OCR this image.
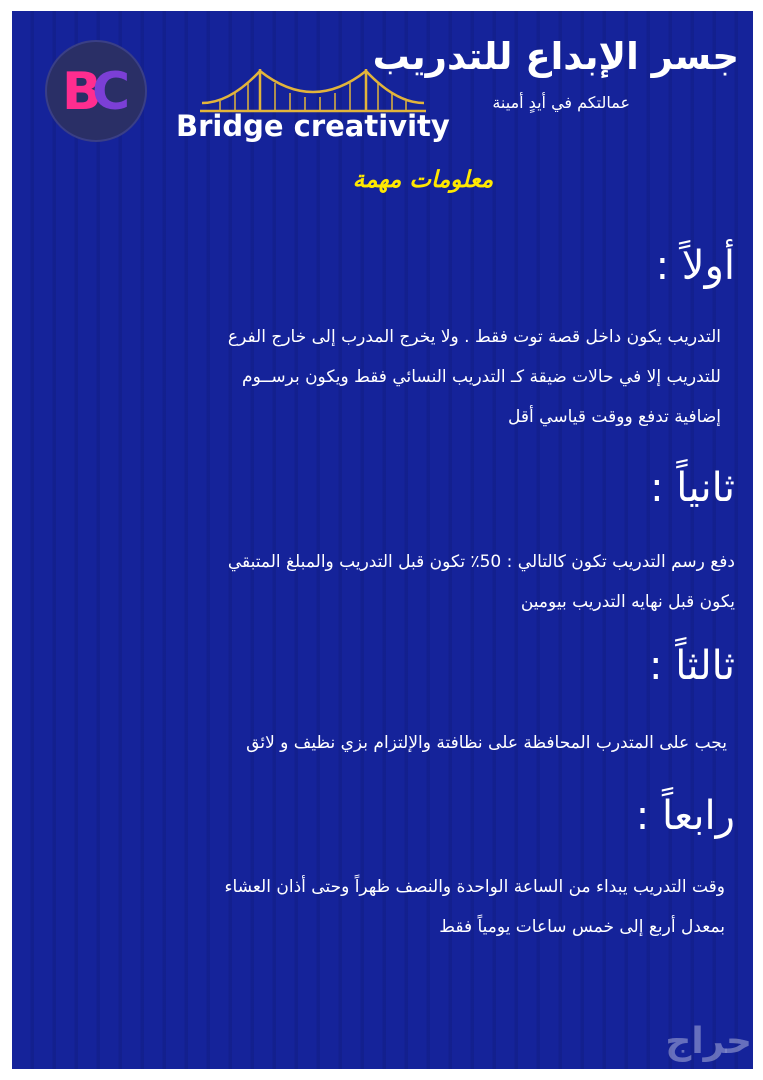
B
C
Bridge creativity
جسر الإبداع للتدريب
عمالتكم في أيدٍ أمينة
معلومات مهمة
أولاً :
التدريب يكون داخل قصة توت فقط . ولا يخرج المدرب إلى خارج الفرع
للتدريب إلا في حالات ضيقة كـ التدريب النسائي فقط ويكون برســوم
إضافية تدفع ووقت قياسي أقل
ثانياً :
دفع رسم التدريب تكون كالتالي : 50٪ تكون قبل التدريب والمبلغ المتبقي
يكون قبل نهايه التدريب بيومين
ثالثاً :
يجب على المتدرب المحافظة على نظافتة والإلتزام بزي نظيف و لائق
رابعاً :
وقت التدريب يبداء من الساعة الواحدة والنصف ظهراً وحتى أذان العشاء
بمعدل أربع إلى خمس ساعات يومياً فقط
حراج
